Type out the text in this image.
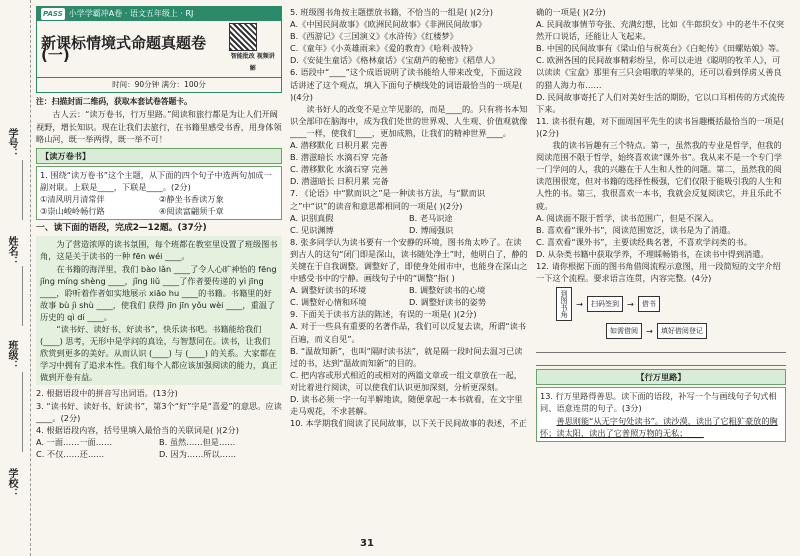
学号：
姓名：
班级：
学校：
PASS 小学学霸冲A卷 · 语文五年级上 · RJ
新课标情境式命题真题卷(一)	智能批改 视频讲解
时间：90分钟 满分：100分
注：扫描封面二维码，获取本套试卷答题卡。
古人云：“读万卷书，行万里路。”阅读和旅行都是为让人们开阔视野，增长知识。现在让我们去旅行，在书籍里感受书香，用身体领略山河，既一举两得，既一举不可！
【读万卷书】
1. 围绕“读万卷书”这个主题，从下面的四个句子中选两句加成一副对联。上联是____，下联是____。(2分)
①清风明月清常伴	②静坐书香读万象
③崇山峻岭畅行路	④阅读富翩须千章
一、读下面的语段，完成2—12题。(37分)
为了营造浓厚的读书氛围，每个班都在教室里设置了班级图书角，这是关于读书的一种 fēn wéi ____。
在书籍的海洋里，我们 bào lǎn ____了令人心旷神怡的 fēng jǐng míng shèng ____，jǐng liǔ ____了作者要传递的 yì jīng ____，聆听着作者如实地展示 xiāo hu ____的书籍。书籍里的好故事 bù jì shù ____，使我们 获得 jīn jīn yǒu wèi ____，重温了历史的 qì dí ____。
“读书好、读好书、好读书”，快乐读书吧。书籍能给我们 (____) 思考，无形中是学问的真诠，与智慧同在。读书，让我们欣赏到更多的美好。从而认识 (____) 与 (____) 的关系。大家都在学习中拥有了追求本性。我们每个人都应该加强阅读的能力，真正做到开卷有益。
2. 根据语段中的拼音写出词语。(13分)
3. “读书好、读好书、好读书”，第3个“好”字是“喜爱”的意思。应读____。(2分)
4. 根据语段内容，括号里填入最恰当的关联词是( )(2分)
A. 一面……一面……	B. 虽然……但是……
C. 不仅……还……	D. 因为……所以……
5. 班级图书角按主题摆放书籍，不恰当的一组是( )(2分)
A.《中国民间故事》《欧洲民间故事》《非洲民间故事》
B.《西游记》《三国演义》《水浒传》《红楼梦》
C.《童年》《小英雄雨来》《爱的教育》《哈利·波特》
D.《安徒生童话》《格林童话》《宝葫芦的秘密》《稻草人》
6. 语段中“____”这个成语说明了读书能给人带来改变，下面这段话讲述了这个观点，填入下面句子横线处的词语最恰当的一项是( )(4分)
读书好人的改变不是立竿见影的，而是____的。只有将书本知识全部印在脑海中，成为我们处世的世界观、人生观、价值观就像____一样，使我们____，更加成熟，让我们的精神世界____。
A. 潜移默化 日积月累 完善
B. 潜滋暗长 水滴石穿 完备
C. 潜移默化 水滴石穿 完善
D. 潜滋暗长 日积月累 完备
7. 《论语》中“默而识之”是一种读书方法，与“默而识之”中“识”的读音和意思都相同的一项是( )(2分)
A. 识别真假	B. 老马识途
C. 见识渊博	D. 博闻强识
8. 张多同学认为读书要有一个安静的环境，图书角太吵了。在读到古人的这句“闭门即是深山，读书随处净土”时，他明白了，静的关键在于自我调整。调整好了，即使身处闹市中，也能身在深山之中感受书中的宁静。画线句子中的“调整”指( )
A. 调整好读书的环境	B. 调整好读书的心境
C. 调整好心情和环境	D. 调整好读书的姿势
9. 下面关于读书方法的陈述，有误的一项是( )(2分)
A. 对于一些具有重要的名著作品，我们可以反复去读，所谓“读书百遍，而义自见”。
B. “温故知新”，也叫“隔时读书法”，就是隔一段时间去温习已读过的书，达到“温故而知新”的目的。
C. 把内容或形式相近的或相对的两篇文章或一组文章放在一起，对比着进行阅读，可以使我们认识更加深刻，分析更深刻。
D. 读书必须一字一句半解地读，随便拿起一本书就看，在文字里走马观花，不求甚解。
10. 本学期我们阅读了民间故事，以下关于民间故事的表述，不正
确的一项是( )(2分)
A. 民间故事情节夸张、充满幻想，比如《牛郎织女》中的老牛不仅突然开口说话，还能让人飞起来。
B. 中国的民间故事有《梁山伯与祝英台》《白蛇传》《田螺姑娘》等。
C. 欧洲各国的民间故事精彩纷呈，你可以走进《聪明的牧羊人》，可以读读《宝盒》那里有三只会唱歌的苹果的，还可以看到俘虏乂善良的猎人海力布……
D. 民间故事寄托了人们对美好生活的期盼，它以口耳相传的方式流传下来。
11. 读书很有趣，对下面周国平先生的读书旨趣概括最恰当的一项是( )(2分)
我的读书旨趣有三个特点。第一，虽然我的专业是哲学，但我的阅读范围不限于哲学，始终喜欢读“课外书”。我从来不是一个专门学一门学问的人，我的兴趣在于人生和人性的问题。第二，虽然我的阅读范围很宽，但对书籍的选择性极强，它们仅限于能吸引我的人生和人性的书。第三，我很喜欢一本书，我就会反复阅读它，并且乐此不疲。
A. 阅读面不限于哲学，读书范围广，但是不深入。
B. 喜欢看“课外书”，阅读范围宽泛，读书是为了消遣。
C. 喜欢看“课外书”，主要读经典名著，不喜欢学问类的书。
D. 从杂类书籍中获取学养，不理睬畅销书，在读书中得到消遣。
12. 请你根据下面的图书角借阅流程示意图，用一段简短的文字介绍一下这个流程。要求语言连贯，内容完整。(4分)
到图书角 →	扫码签到 →	借书
如需借阅 →	填好借阅登记
【行万里路】
13. 行万里路得善思。读下面的语段，补写一个与画线句子句式相同、语意连贯的句子。(3分)
善思则能“从无字句处读书”。读沙漠，读出了它粗犷豪放的胸怀；读太阳，读出了它普照万物的无私；____
31
